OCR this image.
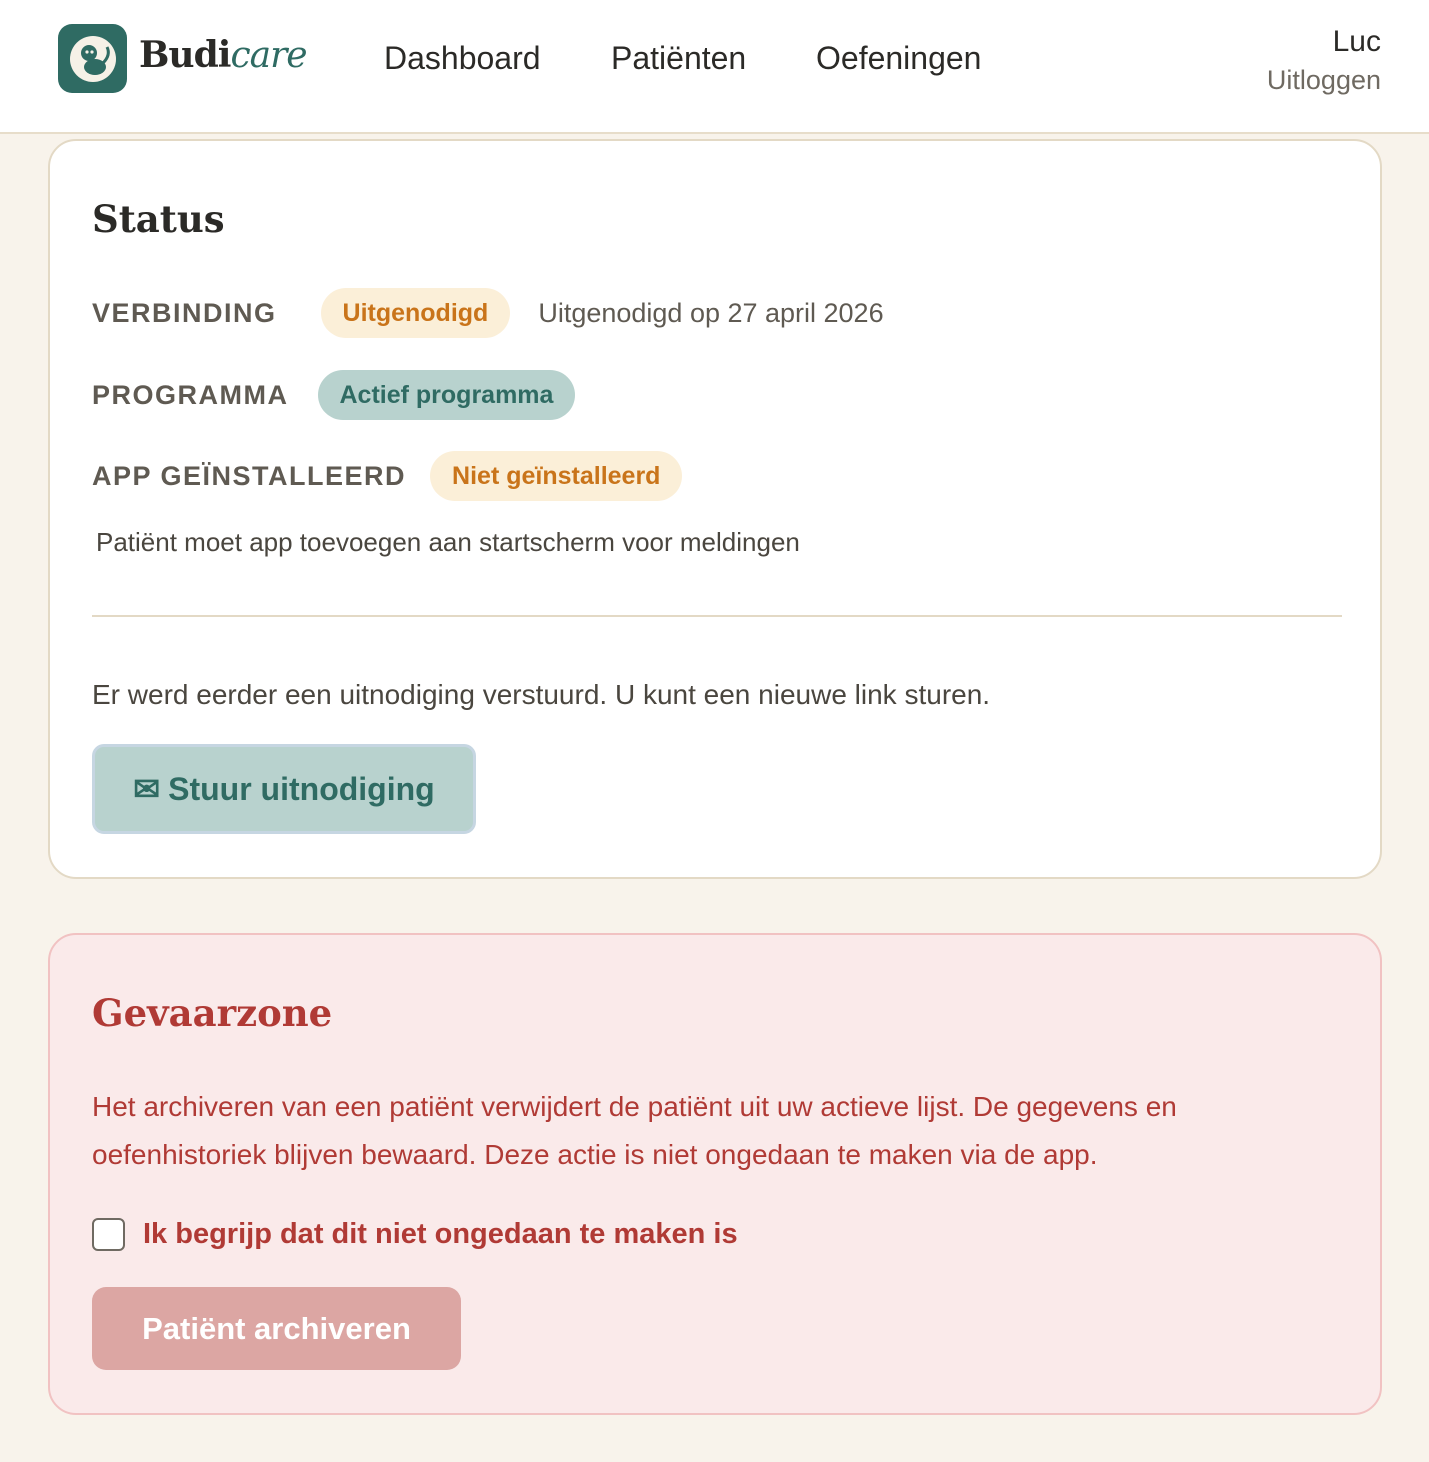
Budicare Dashboard Patiënten Oefeningen	Luc
Uitloggen
Status
VERBINDING	Uitgenodigd	Uitgenodigd op 27 april 2026
PROGRAMMA	Actief programma
APP GEÏNSTALLEERD	Niet geïnstalleerd

Patiënt moet app toevoegen aan startscherm voor meldingen

Er werd eerder een uitnodiging verstuurd. U kunt een nieuwe link sturen.

✉ Stuur uitnodiging
Gevaarzone

Het archiveren van een patiënt verwijdert de patiënt uit uw actieve lijst. De gegevens en oefenhistoriek blijven bewaard. Deze actie is niet ongedaan te maken via de app.

Ik begrijp dat dit niet ongedaan te maken is
Patiënt archiveren
